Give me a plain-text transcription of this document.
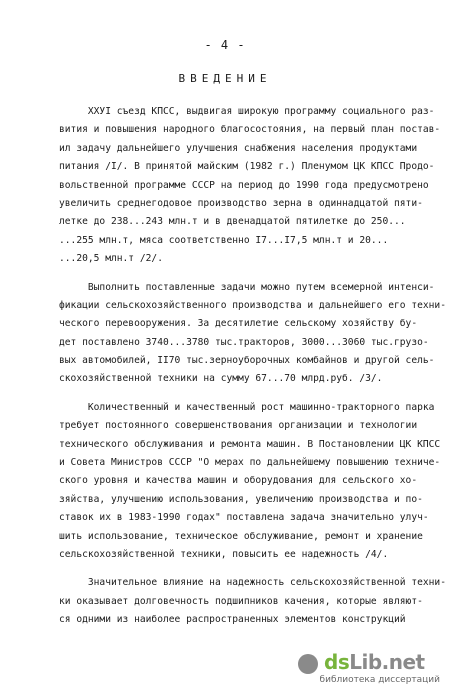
- 4 -
ВВЕДЕНИЕ
XXУI съезд КПСС, выдвигая широкую программу социального раз-
вития и повышения народного благосостояния, на первый план постав-
ил задачу дальнейшего улучшения снабжения населения продуктами
питания /I/. В принятой майским (1982 г.) Пленумом ЦК КПСС Продо-
вольственной программе СССР на период до 1990 года предусмотрено
увеличить среднегодовое производство зерна в одиннадцатой пяти-
летке до 238...243 млн.т и в двенадцатой пятилетке до 250...
...255 млн.т, мяса соответственно I7...I7,5 млн.т и 20...
...20,5 млн.т /2/.
Выполнить поставленные задачи можно путем всемерной интенси-
фикации сельскохозяйственного производства и дальнейшего его техни-
ческого перевооружения. За десятилетие сельскому хозяйству бу-
дет поставлено 3740...3780 тыс.тракторов, 3000...3060 тыс.грузо-
вых автомобилей, II70 тыс.зерноуборочных комбайнов и другой сель-
скохозяйственной техники на сумму 67...70 млрд.руб. /3/.
Количественный и качественный рост машинно-тракторного парка
требует постоянного совершенствования организации и технологии
технического обслуживания и ремонта машин. В Постановлении ЦК КПСС
и Совета Министров СССР "О мерах по дальнейшему повышению техниче-
ского уровня и качества машин и оборудования для сельского хо-
зяйства, улучшению использования, увеличению производства и по-
ставок их в 1983-1990 годах" поставлена задача значительно улуч-
шить использование, техническое обслуживание, ремонт и хранение
сельскохозяйственной техники, повысить ее надежность /4/.
Значительное влияние на надежность сельскохозяйственной техни-
ки оказывает долговечность подшипников качения, которые являют-
ся одними из наиболее распространенных элементов конструкций
dsLib.net
библиотека диссертаций
